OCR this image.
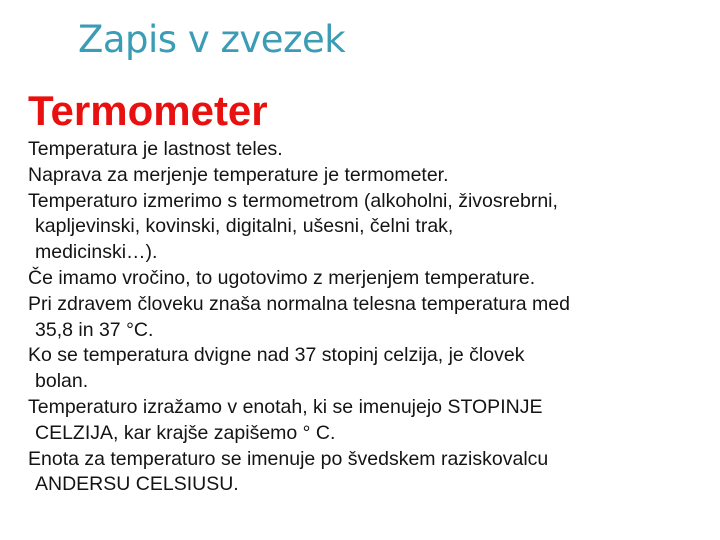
Zapis v zvezek
Termometer
Temperatura je lastnost teles.
Naprava za merjenje temperature je termometer.
Temperaturo izmerimo s termometrom (alkoholni, živosrebrni,
kapljevinski, kovinski, digitalni, ušesni, čelni trak,
medicinski…).
Če imamo vročino, to ugotovimo z merjenjem temperature.
Pri zdravem človeku znaša normalna telesna temperatura med
35,8 in 37 °C.
Ko se temperatura dvigne nad 37 stopinj celzija, je človek
bolan.
Temperaturo izražamo v enotah, ki se imenujejo STOPINJE
CELZIJA, kar krajše zapišemo ° C.
Enota za temperaturo se imenuje po švedskem raziskovalcu
ANDERSU CELSIUSU.
